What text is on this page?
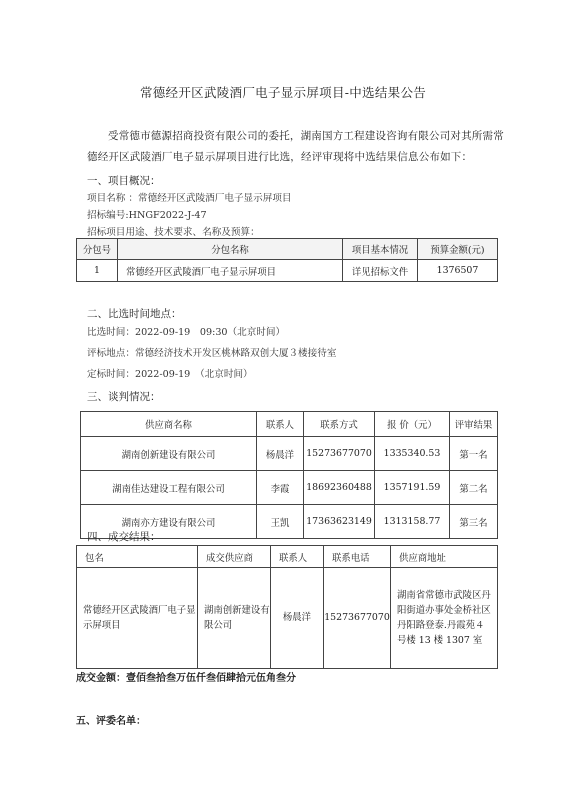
常德经开区武陵酒厂电子显示屏项目-中选结果公告
受常德市德源招商投资有限公司的委托，湖南国方工程建设咨询有限公司对其所需常
德经开区武陵酒厂电子显示屏项目进行比选，经评审现将中选结果信息公布如下：
一、项目概况：
项目名称 ：常德经开区武陵酒厂电子显示屏项目
招标编号:HNGF2022-J-47
招标项目用途、技术要求、名称及预算：
分包号	分包名称	项目基本情况	预算金额(元)
1	常德经开区武陵酒厂电子显示屏项目	详见招标文件	1376507
二、比选时间地点：
比选时间：2022-09-19　09:30（北京时间）
评标地点：常德经济技术开发区桃林路双创大厦３楼接待室
定标时间：2022-09-19　（北京时间）
三、谈判情况：
供应商名称	联系人	联系方式	报 价（元）	评审结果
湖南创新建设有限公司	杨晨洋	15273677070	1335340.53	第一名
湖南佳达建设工程有限公司	李霞	18692360488	1357191.59	第二名
湖南亦方建设有限公司	王凯	17363623149	1313158.77	第三名
四、成交结果：
包名	成交供应商	联系人	联系电话	供应商地址
常德经开区武陵酒厂电子显示屏项目	湖南创新建设有限公司	杨晨洋	15273677070	湖南省常德市武陵区丹阳街道办事处金桥社区丹阳路登泰.丹霞苑４号楼 13 楼 1307 室
成交金额：壹佰叁拾叁万伍仟叁佰肆拾元伍角叁分
五、评委名单：
